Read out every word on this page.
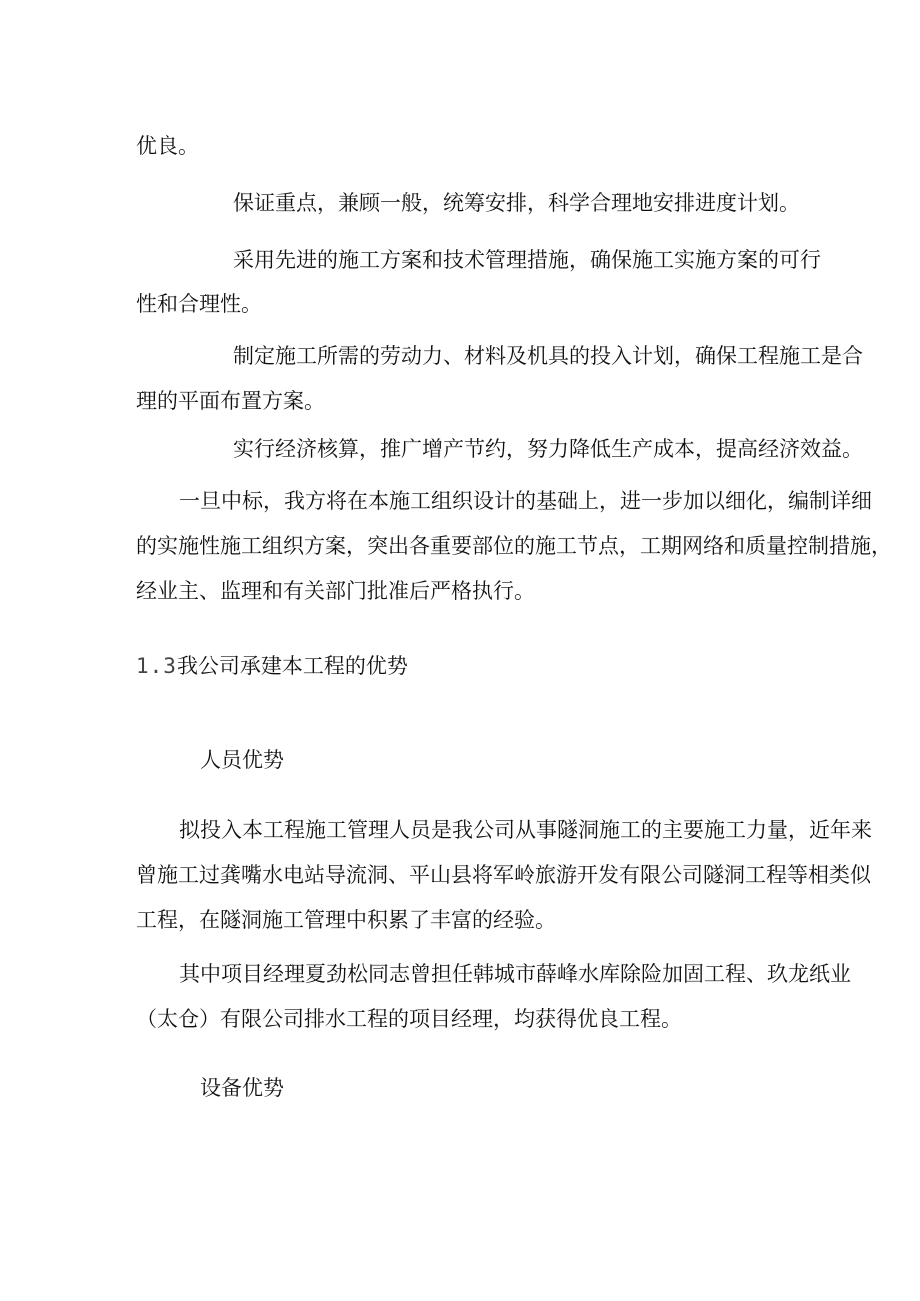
优良。
保证重点，兼顾一般，统筹安排，科学合理地安排进度计划。
采用先进的施工方案和技术管理措施，确保施工实施方案的可行
性和合理性。
制定施工所需的劳动力、材料及机具的投入计划，确保工程施工是合
理的平面布置方案。
实行经济核算，推广增产节约，努力降低生产成本，提高经济效益。
一旦中标，我方将在本施工组织设计的基础上，进一步加以细化，编制详细
的实施性施工组织方案，突出各重要部位的施工节点，工期网络和质量控制措施，
经业主、监理和有关部门批准后严格执行。
1.3我公司承建本工程的优势
人员优势
拟投入本工程施工管理人员是我公司从事隧洞施工的主要施工力量，近年来
曾施工过龚嘴水电站导流洞、平山县将军岭旅游开发有限公司隧洞工程等相类似
工程，在隧洞施工管理中积累了丰富的经验。
其中项目经理夏劲松同志曾担任韩城市薛峰水库除险加固工程、玖龙纸业
（太仓）有限公司排水工程的项目经理，均获得优良工程。
设备优势
